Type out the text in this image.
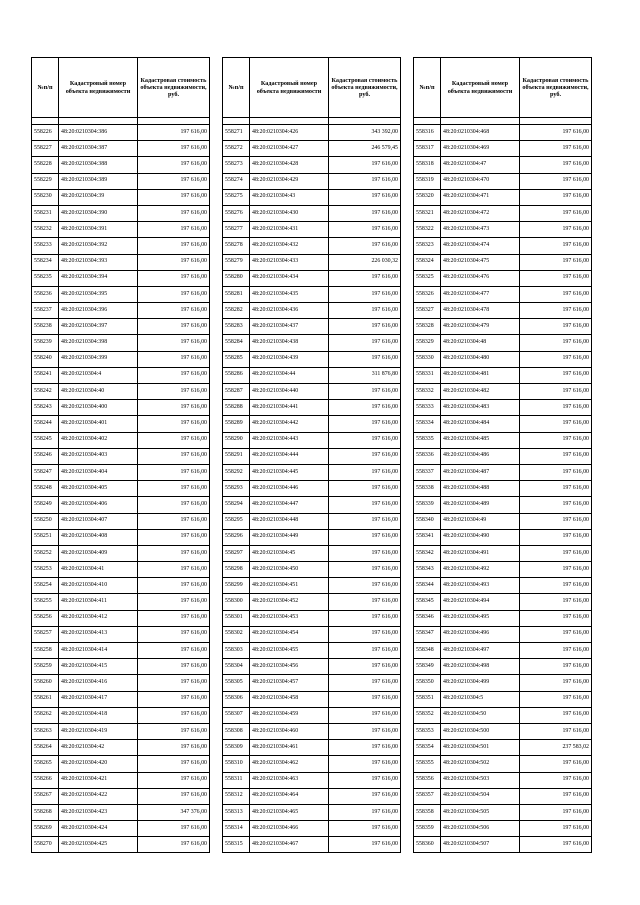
№п/п	Кадастровый номер объекта недвижимости	Кадастровая стоимость объекта недвижимости, руб.

558226	48:20:0210304:386	197 616,00
558227	48:20:0210304:387	197 616,00
558228	48:20:0210304:388	197 616,00
558229	48:20:0210304:389	197 616,00
558230	48:20:0210304:39	197 616,00
558231	48:20:0210304:390	197 616,00
558232	48:20:0210304:391	197 616,00
558233	48:20:0210304:392	197 616,00
558234	48:20:0210304:393	197 616,00
558235	48:20:0210304:394	197 616,00
558236	48:20:0210304:395	197 616,00
558237	48:20:0210304:396	197 616,00
558238	48:20:0210304:397	197 616,00
558239	48:20:0210304:398	197 616,00
558240	48:20:0210304:399	197 616,00
558241	48:20:0210304:4	197 616,00
558242	48:20:0210304:40	197 616,00
558243	48:20:0210304:400	197 616,00
558244	48:20:0210304:401	197 616,00
558245	48:20:0210304:402	197 616,00
558246	48:20:0210304:403	197 616,00
558247	48:20:0210304:404	197 616,00
558248	48:20:0210304:405	197 616,00
558249	48:20:0210304:406	197 616,00
558250	48:20:0210304:407	197 616,00
558251	48:20:0210304:408	197 616,00
558252	48:20:0210304:409	197 616,00
558253	48:20:0210304:41	197 616,00
558254	48:20:0210304:410	197 616,00
558255	48:20:0210304:411	197 616,00
558256	48:20:0210304:412	197 616,00
558257	48:20:0210304:413	197 616,00
558258	48:20:0210304:414	197 616,00
558259	48:20:0210304:415	197 616,00
558260	48:20:0210304:416	197 616,00
558261	48:20:0210304:417	197 616,00
558262	48:20:0210304:418	197 616,00
558263	48:20:0210304:419	197 616,00
558264	48:20:0210304:42	197 616,00
558265	48:20:0210304:420	197 616,00
558266	48:20:0210304:421	197 616,00
558267	48:20:0210304:422	197 616,00
558268	48:20:0210304:423	347 376,00
558269	48:20:0210304:424	197 616,00
558270	48:20:0210304:425	197 616,00
№п/п	Кадастровый номер объекта недвижимости	Кадастровая стоимость объекта недвижимости, руб.

558271	48:20:0210304:426	343 392,00
558272	48:20:0210304:427	246 579,45
558273	48:20:0210304:428	197 616,00
558274	48:20:0210304:429	197 616,00
558275	48:20:0210304:43	197 616,00
558276	48:20:0210304:430	197 616,00
558277	48:20:0210304:431	197 616,00
558278	48:20:0210304:432	197 616,00
558279	48:20:0210304:433	226 030,32
558280	48:20:0210304:434	197 616,00
558281	48:20:0210304:435	197 616,00
558282	48:20:0210304:436	197 616,00
558283	48:20:0210304:437	197 616,00
558284	48:20:0210304:438	197 616,00
558285	48:20:0210304:439	197 616,00
558286	48:20:0210304:44	311 876,80
558287	48:20:0210304:440	197 616,00
558288	48:20:0210304:441	197 616,00
558289	48:20:0210304:442	197 616,00
558290	48:20:0210304:443	197 616,00
558291	48:20:0210304:444	197 616,00
558292	48:20:0210304:445	197 616,00
558293	48:20:0210304:446	197 616,00
558294	48:20:0210304:447	197 616,00
558295	48:20:0210304:448	197 616,00
558296	48:20:0210304:449	197 616,00
558297	48:20:0210304:45	197 616,00
558298	48:20:0210304:450	197 616,00
558299	48:20:0210304:451	197 616,00
558300	48:20:0210304:452	197 616,00
558301	48:20:0210304:453	197 616,00
558302	48:20:0210304:454	197 616,00
558303	48:20:0210304:455	197 616,00
558304	48:20:0210304:456	197 616,00
558305	48:20:0210304:457	197 616,00
558306	48:20:0210304:458	197 616,00
558307	48:20:0210304:459	197 616,00
558308	48:20:0210304:460	197 616,00
558309	48:20:0210304:461	197 616,00
558310	48:20:0210304:462	197 616,00
558311	48:20:0210304:463	197 616,00
558312	48:20:0210304:464	197 616,00
558313	48:20:0210304:465	197 616,00
558314	48:20:0210304:466	197 616,00
558315	48:20:0210304:467	197 616,00
№п/п	Кадастровый номер объекта недвижимости	Кадастровая стоимость объекта недвижимости, руб.

558316	48:20:0210304:468	197 616,00
558317	48:20:0210304:469	197 616,00
558318	48:20:0210304:47	197 616,00
558319	48:20:0210304:470	197 616,00
558320	48:20:0210304:471	197 616,00
558321	48:20:0210304:472	197 616,00
558322	48:20:0210304:473	197 616,00
558323	48:20:0210304:474	197 616,00
558324	48:20:0210304:475	197 616,00
558325	48:20:0210304:476	197 616,00
558326	48:20:0210304:477	197 616,00
558327	48:20:0210304:478	197 616,00
558328	48:20:0210304:479	197 616,00
558329	48:20:0210304:48	197 616,00
558330	48:20:0210304:480	197 616,00
558331	48:20:0210304:481	197 616,00
558332	48:20:0210304:482	197 616,00
558333	48:20:0210304:483	197 616,00
558334	48:20:0210304:484	197 616,00
558335	48:20:0210304:485	197 616,00
558336	48:20:0210304:486	197 616,00
558337	48:20:0210304:487	197 616,00
558338	48:20:0210304:488	197 616,00
558339	48:20:0210304:489	197 616,00
558340	48:20:0210304:49	197 616,00
558341	48:20:0210304:490	197 616,00
558342	48:20:0210304:491	197 616,00
558343	48:20:0210304:492	197 616,00
558344	48:20:0210304:493	197 616,00
558345	48:20:0210304:494	197 616,00
558346	48:20:0210304:495	197 616,00
558347	48:20:0210304:496	197 616,00
558348	48:20:0210304:497	197 616,00
558349	48:20:0210304:498	197 616,00
558350	48:20:0210304:499	197 616,00
558351	48:20:0210304:5	197 616,00
558352	48:20:0210304:50	197 616,00
558353	48:20:0210304:500	197 616,00
558354	48:20:0210304:501	237 583,02
558355	48:20:0210304:502	197 616,00
558356	48:20:0210304:503	197 616,00
558357	48:20:0210304:504	197 616,00
558358	48:20:0210304:505	197 616,00
558359	48:20:0210304:506	197 616,00
558360	48:20:0210304:507	197 616,00
